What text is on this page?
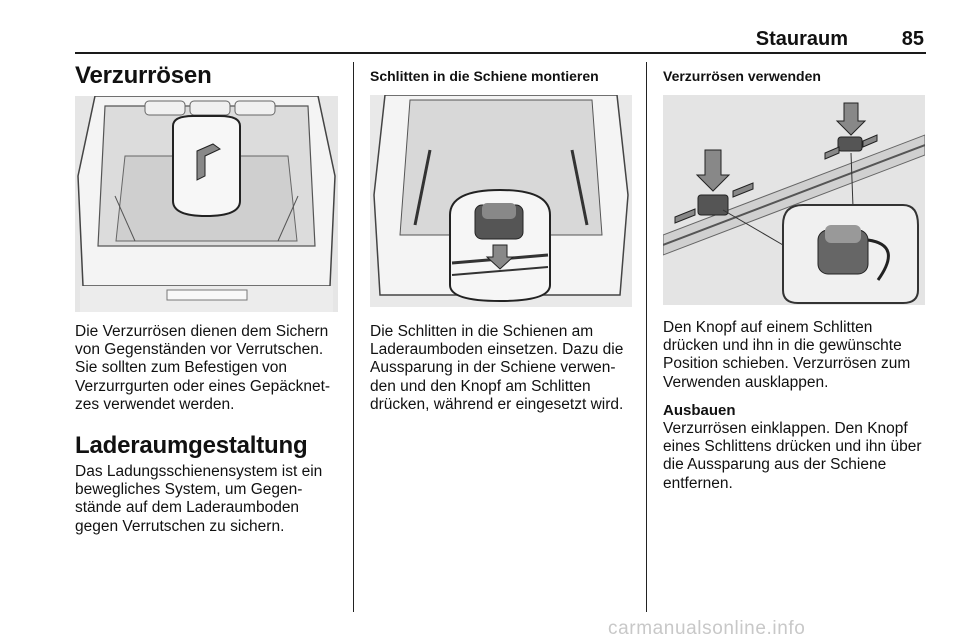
Stauraum	85
Verzurrösen
Die Verzurrösen dienen dem Sichern
von Gegenständen vor Verrutschen.
Sie sollten zum Befestigen von
Verzurrgurten oder eines Gepäcknet-
zes verwendet werden.
Laderaumgestaltung
Das Ladungsschienensystem ist ein
bewegliches System, um Gegen-
stände auf dem Laderaumboden
gegen Verrutschen zu sichern.
Schlitten in die Schiene montieren
Die Schlitten in die Schienen am
Laderaumboden einsetzen. Dazu die
Aussparung in der Schiene verwen-
den und den Knopf am Schlitten
drücken, während er eingesetzt wird.
Verzurrösen verwenden
Den Knopf auf einem Schlitten
drücken und ihn in die gewünschte
Position schieben. Verzurrösen zum
Verwenden ausklappen.
Ausbauen
Verzurrösen einklappen. Den Knopf
eines Schlittens drücken und ihn über
die Aussparung aus der Schiene
entfernen.
carmanualsonline.info
